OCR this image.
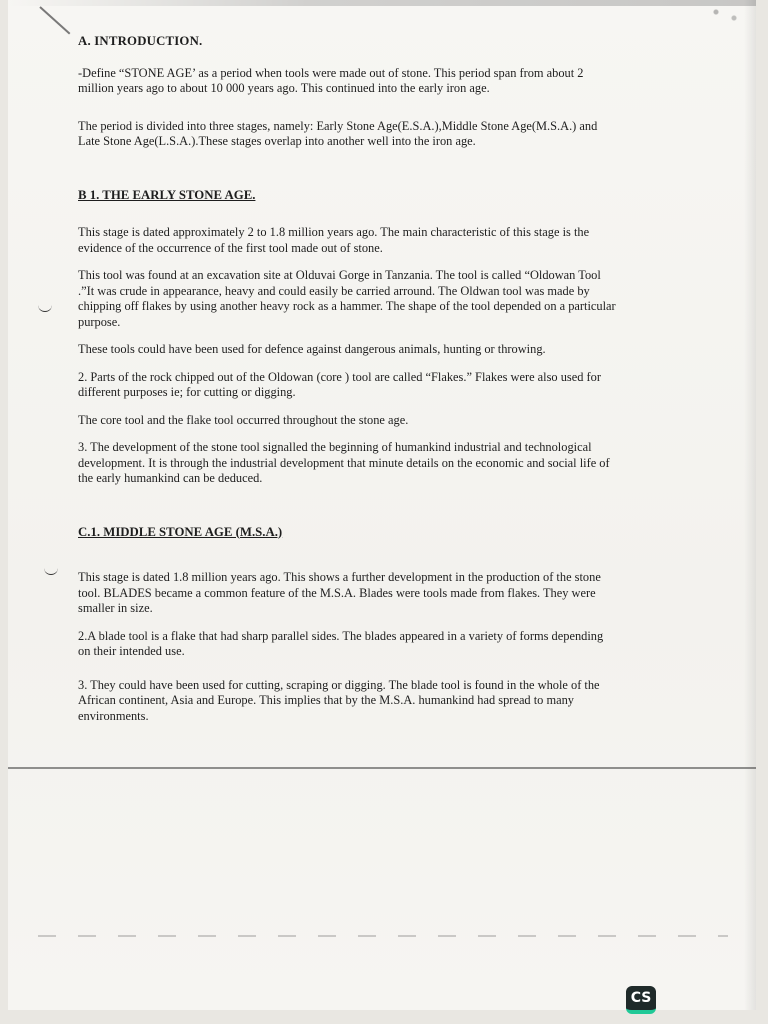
A. INTRODUCTION.

-Define “STONE AGE’ as a period when tools were made out of stone. This period span from about 2 million years ago to about 10 000 years ago. This continued into the early iron age.

The period is divided into three stages, namely: Early Stone Age(E.S.A.),Middle Stone Age(M.S.A.) and Late Stone Age(L.S.A.).These stages overlap into another well into the iron age.

B 1. THE EARLY STONE AGE.

This stage is dated approximately 2 to 1.8 million years ago. The main characteristic of this stage is the evidence of the occurrence of the first tool made out of stone.

This tool was found at an excavation site at Olduvai Gorge in Tanzania. The tool is called “Oldowan Tool .”It was crude in appearance, heavy and could easily be carried arround. The Oldwan tool was made by chipping off flakes by using another heavy rock as a hammer. The shape of the tool depended on a particular purpose.

These tools could have been used for defence against dangerous animals, hunting or throwing.

2. Parts of the rock chipped out of the Oldowan (core ) tool are called “Flakes.” Flakes were also used for different purposes ie; for cutting or digging.

The core tool and the flake tool occurred throughout the stone age.

3. The development of the stone tool signalled the beginning of humankind industrial and technological development. It is through the industrial development that minute details on the economic and social life of the early humankind can be deduced.

C.1. MIDDLE STONE AGE (M.S.A.)

This stage is dated 1.8 million years ago. This shows a further development in the production of the stone tool. BLADES became a common feature of the M.S.A. Blades were tools made from flakes. They were smaller in size.

2.A blade tool is a flake that had sharp parallel sides. The blades appeared in a variety of forms depending on their intended use.

3. They could have been used for cutting, scraping or digging. The blade tool is found in the whole of the African continent, Asia and Europe. This implies that by the M.S.A. humankind had spread to many environments.

CS
